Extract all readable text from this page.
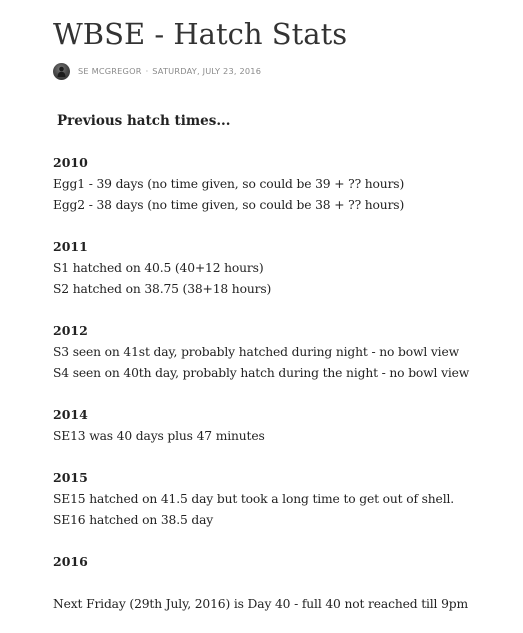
WBSE - Hatch Stats
SE MCGREGOR · SATURDAY, JULY 23, 2016

Previous hatch times...

2010

Egg1 - 39 days (no time given, so could be 39 + ?? hours)

Egg2 - 38 days (no time given, so could be 38 + ?? hours)

2011

S1 hatched on 40.5 (40+12 hours)

S2 hatched on 38.75 (38+18 hours)

2012

S3 seen on 41st day, probably hatched during night - no bowl view

S4 seen on 40th day, probably hatch during the night - no bowl view

2014

SE13 was 40 days plus 47 minutes

2015

SE15 hatched on 41.5 day but took a long time to get out of shell.

SE16 hatched on 38.5 day

2016

Next Friday (29th July, 2016) is Day 40 - full 40 not reached till 9pm
